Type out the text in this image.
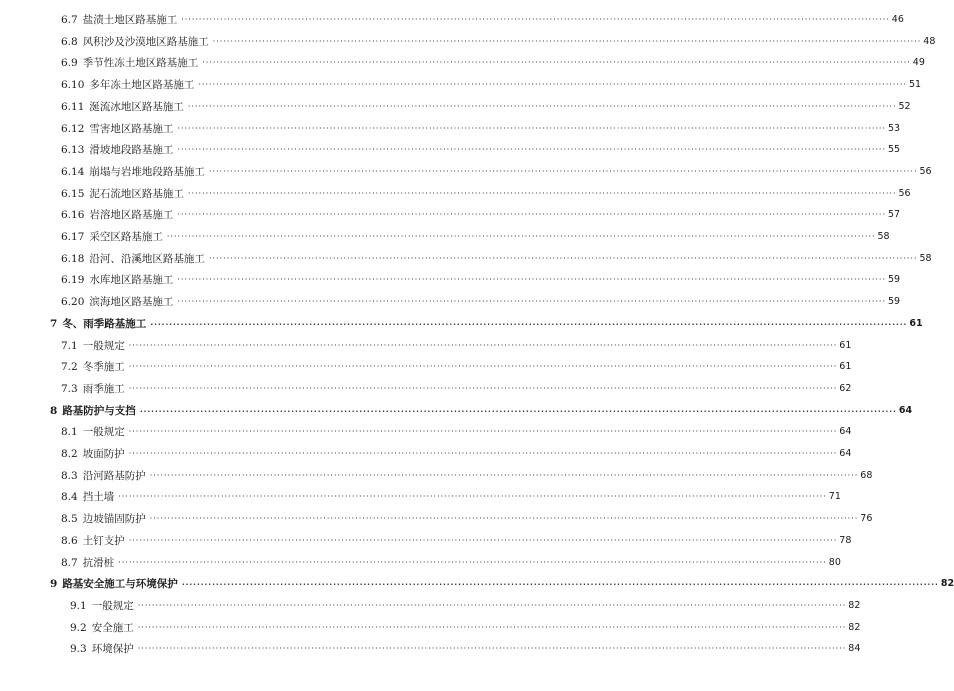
6.7 盐渍土地区路基施工 ········································································································································································································ 46
6.8 风积沙及沙漠地区路基施工 ········································································································································································································ 48
6.9 季节性冻土地区路基施工 ········································································································································································································ 49
6.10 多年冻土地区路基施工 ········································································································································································································ 51
6.11 涎流冰地区路基施工 ········································································································································································································ 52
6.12 雪害地区路基施工 ········································································································································································································ 53
6.13 滑坡地段路基施工 ········································································································································································································ 55
6.14 崩塌与岩堆地段路基施工 ········································································································································································································ 56
6.15 泥石流地区路基施工 ········································································································································································································ 56
6.16 岩溶地区路基施工 ········································································································································································································ 57
6.17 采空区路基施工 ········································································································································································································ 58
6.18 沿河、沿溪地区路基施工 ········································································································································································································ 58
6.19 水库地区路基施工 ········································································································································································································ 59
6.20 滨海地区路基施工 ········································································································································································································ 59
7 冬、雨季路基施工 ········································································································································································································ 61
7.1 一般规定 ········································································································································································································ 61
7.2 冬季施工 ········································································································································································································ 61
7.3 雨季施工 ········································································································································································································ 62
8 路基防护与支挡 ········································································································································································································ 64
8.1 一般规定 ········································································································································································································ 64
8.2 坡面防护 ········································································································································································································ 64
8.3 沿河路基防护 ········································································································································································································ 68
8.4 挡土墙 ········································································································································································································ 71
8.5 边坡锚固防护 ········································································································································································································ 76
8.6 土钉支护 ········································································································································································································ 78
8.7 抗滑桩 ········································································································································································································ 80
9 路基安全施工与环境保护 ········································································································································································································ 82
9.1 一般规定 ········································································································································································································ 82
9.2 安全施工 ········································································································································································································ 82
9.3 环境保护 ········································································································································································································ 84
